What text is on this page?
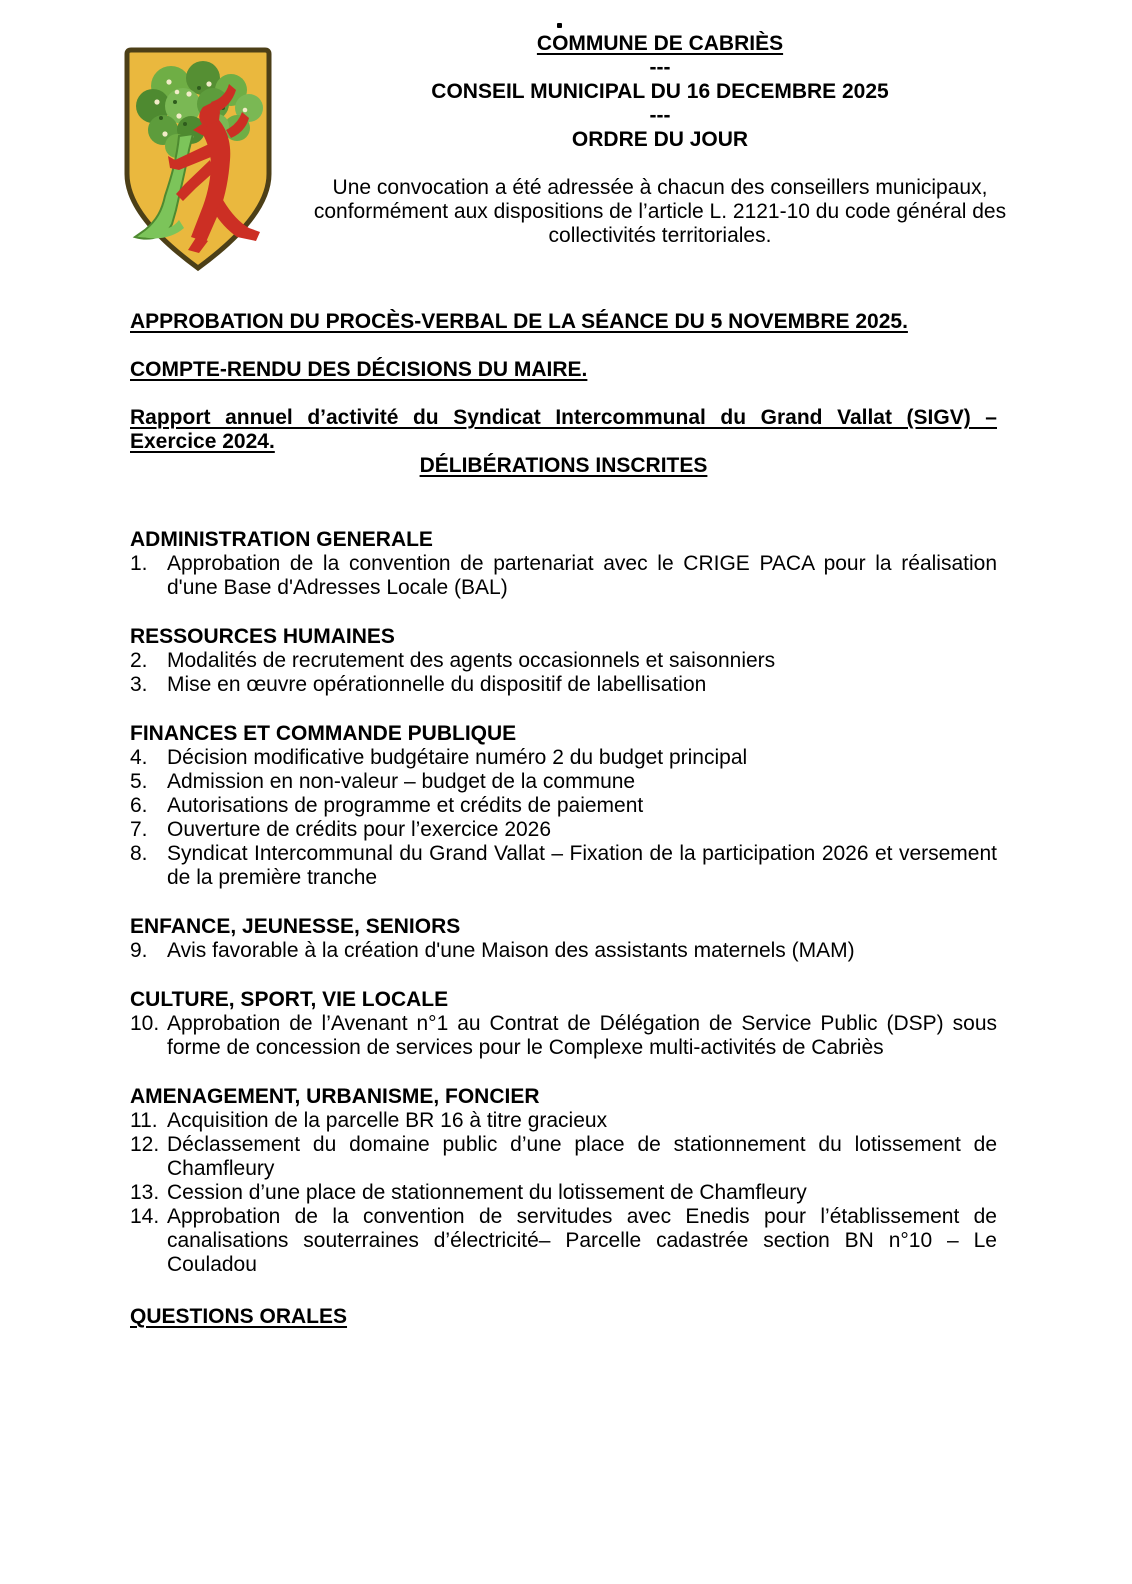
COMMUNE DE CABRIÈS
---
CONSEIL MUNICIPAL DU 16 DECEMBRE 2025
---
ORDRE DU JOUR

Une convocation a été adressée à chacun des conseillers municipaux, conformément aux dispositions de l’article L. 2121-10 du code général des collectivités territoriales.

APPROBATION DU PROCÈS-VERBAL DE LA SÉANCE DU 5 NOVEMBRE 2025.
COMPTE-RENDU DES DÉCISIONS DU MAIRE.
Rapport annuel d’activité du Syndicat Intercommunal du Grand Vallat (SIGV) – Exercice 2024.
DÉLIBÉRATIONS INSCRITES
ADMINISTRATION GENERALE
1. Approbation de la convention de partenariat avec le CRIGE PACA pour la réalisation d'une Base d'Adresses Locale (BAL)
RESSOURCES HUMAINES
2. Modalités de recrutement des agents occasionnels et saisonniers
3. Mise en œuvre opérationnelle du dispositif de labellisation
FINANCES ET COMMANDE PUBLIQUE
4. Décision modificative budgétaire numéro 2 du budget principal
5. Admission en non-valeur – budget de la commune
6. Autorisations de programme et crédits de paiement
7. Ouverture de crédits pour l’exercice 2026
8. Syndicat Intercommunal du Grand Vallat – Fixation de la participation 2026 et versement de la première tranche
ENFANCE, JEUNESSE, SENIORS
9. Avis favorable à la création d'une Maison des assistants maternels (MAM)
CULTURE, SPORT, VIE LOCALE
10. Approbation de l’Avenant n°1 au Contrat de Délégation de Service Public (DSP) sous forme de concession de services pour le Complexe multi-activités de Cabriès
AMENAGEMENT, URBANISME, FONCIER
11. Acquisition de la parcelle BR 16 à titre gracieux
12. Déclassement du domaine public d’une place de stationnement du lotissement de Chamfleury
13. Cession d’une place de stationnement du lotissement de Chamfleury
14. Approbation de la convention de servitudes avec Enedis pour l’établissement de canalisations souterraines d’électricité– Parcelle cadastrée section BN n°10 – Le Couladou
QUESTIONS ORALES
